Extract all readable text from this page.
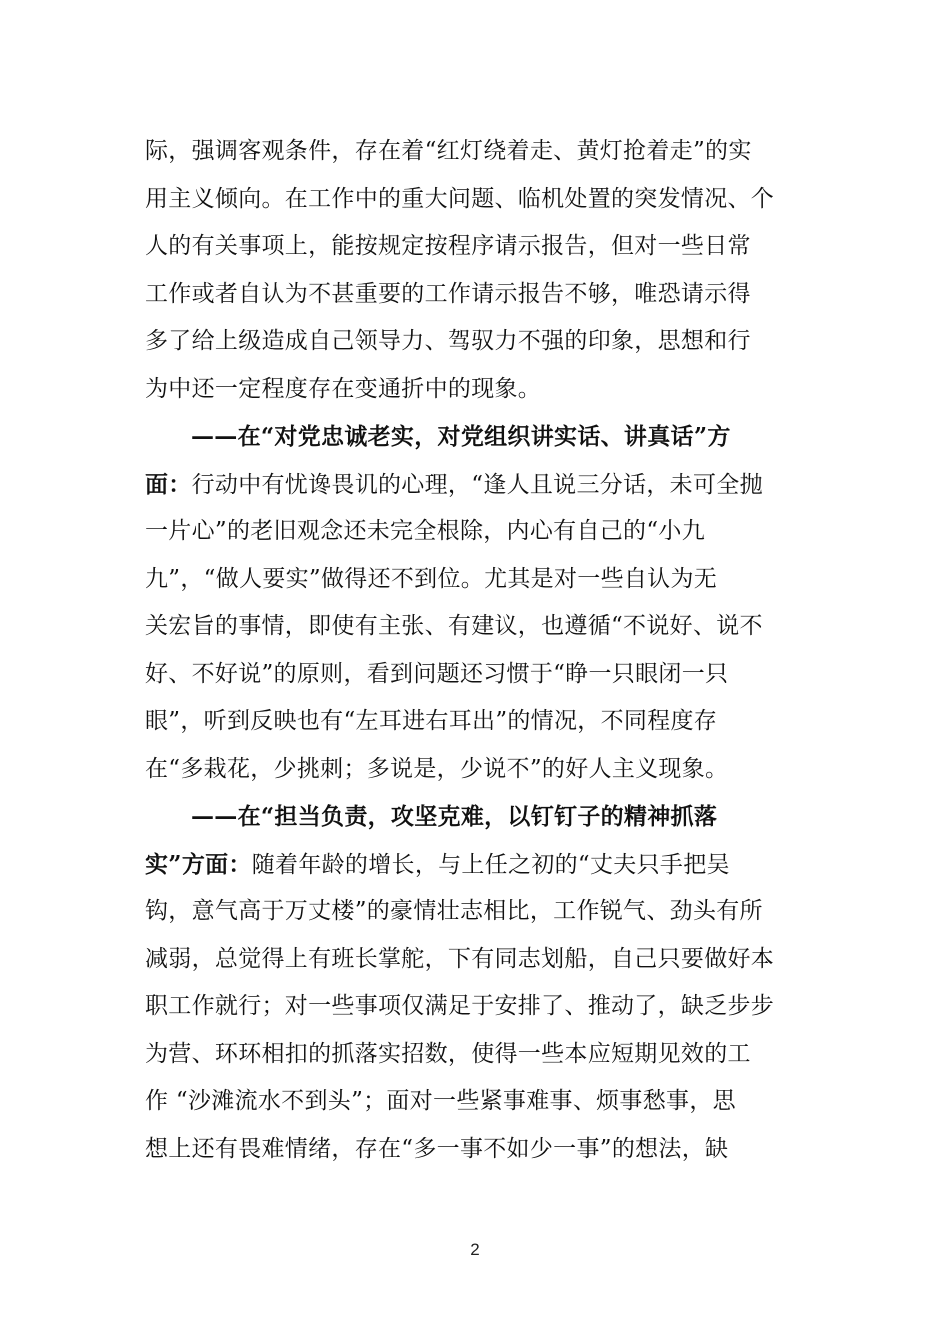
际，强调客观条件，存在着“红灯绕着走、黄灯抢着走”的实
用主义倾向。在工作中的重大问题、临机处置的突发情况、个
人的有关事项上，能按规定按程序请示报告，但对一些日常
工作或者自认为不甚重要的工作请示报告不够，唯恐请示得
多了给上级造成自己领导力、驾驭力不强的印象，思想和行
为中还一定程度存在变通折中的现象。
——在“对党忠诚老实，对党组织讲实话、讲真话”方
面：行动中有忧谗畏讥的心理，“逢人且说三分话，未可全抛
一片心”的老旧观念还未完全根除，内心有自己的“小九
九”，“做人要实”做得还不到位。尤其是对一些自认为无
关宏旨的事情，即使有主张、有建议，也遵循“不说好、说不
好、不好说”的原则，看到问题还习惯于“睁一只眼闭一只
眼”，听到反映也有“左耳进右耳出”的情况，不同程度存
在“多栽花，少挑刺；多说是，少说不”的好人主义现象。
——在“担当负责，攻坚克难，以钉钉子的精神抓落
实”方面：随着年龄的增长，与上任之初的“丈夫只手把吴
钩，意气高于万丈楼”的豪情壮志相比，工作锐气、劲头有所
减弱，总觉得上有班长掌舵，下有同志划船，自己只要做好本
职工作就行；对一些事项仅满足于安排了、推动了，缺乏步步
为营、环环相扣的抓落实招数，使得一些本应短期见效的工
作 “沙滩流水不到头”；面对一些紧事难事、烦事愁事，思
想上还有畏难情绪，存在“多一事不如少一事”的想法，缺
2
